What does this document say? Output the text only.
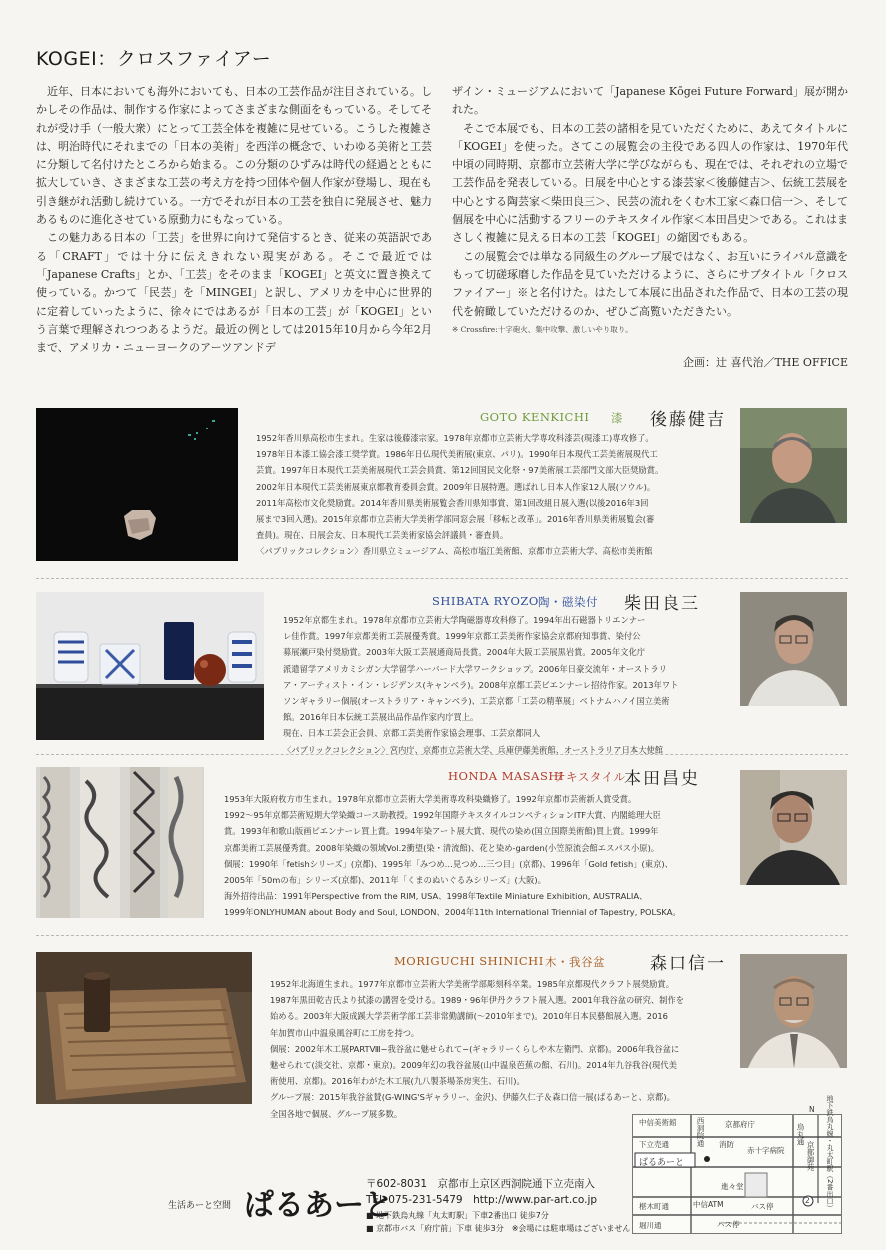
KOGEI：クロスファイアー

近年、日本においても海外においても、日本の工芸作品が注目されている。しかしその作品は、制作する作家によってさまざまな側面をもっている。そしてそれが受け手（一般大衆）にとって工芸全体を複雑に見せている。こうした複雑さは、明治時代にそれまでの「日本の美術」を西洋の概念で、いわゆる美術と工芸に分類して名付けたところから始まる。この分類のひずみは時代の経過とともに拡大していき、さまざまな工芸の考え方を持つ団体や個人作家が登場し、現在も引き継がれ活動し続けている。一方でそれが日本の工芸を独自に発展させ、魅力あるものに進化させている原動力にもなっている。

この魅力ある日本の「工芸」を世界に向けて発信するとき、従来の英語訳である「CRAFT」では十分に伝えきれない現実がある。そこで最近では「Japanese Crafts」とか、「工芸」をそのまま「KOGEI」と英文に置き換えて使っている。かつて「民芸」を「MINGEI」と訳し、アメリカを中心に世界的に定着していったように、徐々にではあるが「日本の工芸」が「KOGEI」という言葉で理解されつつあるようだ。最近の例としては2015年10月から今年2月まで、アメリカ・ニューヨークのアーツアンドデ

ザイン・ミュージアムにおいて「Japanese Kōgei Future Forward」展が開かれた。

そこで本展でも、日本の工芸の諸相を見ていただくために、あえてタイトルに「KOGEI」を使った。さてこの展覧会の主役である四人の作家は、1970年代中頃の同時期、京都市立芸術大学に学びながらも、現在では、それぞれの立場で工芸作品を発表している。日展を中心とする漆芸家＜後藤健吉＞、伝統工芸展を中心とする陶芸家＜柴田良三＞、民芸の流れをくむ木工家＜森口信一＞、そして個展を中心に活動するフリーのテキスタイル作家＜本田昌史＞である。これはまさしく複雑に見える日本の工芸「KOGEI」の縮図でもある。

この展覧会では単なる同級生のグループ展ではなく、お互いにライバル意識をもって切磋琢磨した作品を見ていただけるように、さらにサブタイトル「クロスファイアー」※と名付けた。はたして本展に出品された作品で、日本の工芸の現代を俯瞰していただけるのか、ぜひご高覧いただきたい。

※ Crossfire:十字砲火、集中攻撃、激しいやり取り。
企画：辻 喜代治／THE OFFICE
GOTO KENKICHI 漆 後藤健吉
1952年香川県高松市生まれ。生家は後藤漆宗家。1978年京都市立芸術大学専攻科漆芸(現漆工)専攻修了。
1978年日本漆工協会漆工奨学賞。1986年日仏現代美術展(東京、パリ)。1990年日本現代工芸美術展現代工
芸賞。1997年日本現代工芸美術展現代工芸会員賞、第12回国民文化祭・97美術展工芸部門文部大臣奨励賞。
2002年日本現代工芸美術展東京都教育委員会賞。2009年日展特選。選ばれし日本人作家12人展(ソウル)。
2011年高松市文化奨励賞。2014年香川県美術展覧会香川県知事賞、第1回改組日展入選(以後2016年3回
展まで3回入選)。2015年京都市立芸術大学美術学部同窓会展「移転と改革」。2016年香川県美術展覧会(審
査員)。現在、日展会友、日本現代工芸美術家協会評議員・審査員。
〈パブリックコレクション〉香川県立ミュージアム、高松市塩江美術館、京都市立芸術大学、高松市美術館
SHIBATA RYOZO 陶・磁染付 柴田良三
1952年京都生まれ。1978年京都市立芸術大学陶磁器専攻科修了。1994年出石磁器トリエンナー
レ佳作賞。1997年京都美術工芸展優秀賞。1999年京都工芸美術作家協会京都府知事賞、染付公
募展瀬戸染付奨励賞。2003年大阪工芸展通商局長賞。2004年大阪工芸展黒岩賞。2005年文化庁
派遣留学アメリカミシガン大学留学ハーバード大学ワークショップ。2006年日豪交流年・オーストラリ
ア・アーティスト・イン・レジデンス(キャンベラ)。2008年京都工芸ビエンナーレ招待作家。2013年ワト
ソンギャラリー個展(オーストラリア・キャンベラ)、工芸京都「工芸の精華展」ベトナムハノイ国立美術
館。2016年日本伝統工芸展出品作品作家内庁買上。
現在、日本工芸会正会員、京都工芸美術作家協会理事、工芸京都同人
〈パブリックコレクション〉宮内庁、京都市立芸術大学、兵庫伊藤美術館、オーストラリア日本大使館
HONDA MASASHI
テキスタイル
本田昌史
1953年大阪府枚方市生まれ。1978年京都市立芸術大学美術専攻科染織修了。1992年京都市芸術新人賞受賞。
1992〜95年京都芸術短期大学染織コース助教授。1992年国際テキスタイルコンペティションITF大賞、内閣総理大臣
賞。1993年和歌山版画ビエンナーレ買上賞。1994年染アート展大賞、現代の染め(国立国際美術館)買上賞。1999年
京都美術工芸展優秀賞。2008年染織の領域Vol.2衝望(染・清流館)、花と染め-garden(小笠原流会館エスパス小原)。
個展：1990年「fetishシリーズ」(京都)、1995年「みつめ…見つめ…三つ目」(京都)、1996年「Gold fetish」(東京)、
2005年「50mの布」シリーズ(京都)、2011年「くまのぬいぐるみシリーズ」(大阪)。
海外招待出品：1991年Perspective from the RIM, USA、1998年Textile Miniature Exhibition, AUSTRALIA、
1999年ONLYHUMAN about Body and Soul, LONDON、2004年11th International Triennial of Tapestry, POLSKA。
MORIGUCHI SHINICHI 木・我谷盆	森口信一
1952年北海道生まれ。1977年京都市立芸術大学美術学部彫刻科卒業。1985年京都現代クラフト展奨励賞。
1987年黒田乾吉氏より拭漆の講習を受ける。1989・96年伊丹クラフト展入選。2001年我谷盆の研究、制作を
始める。2003年大阪成蹊大学芸術学部工芸非常勤講師(〜2010年まで)。2010年日本民藝館展入選。2016
年加賀市山中温泉風谷町に工房を持つ。
個展：2002年木工展PARTⅧ−我谷盆に魅せられて−(ギャラリーくらしや木左衛門、京都)。2006年我谷盆に
魅せられて(淡交社、京都・東京)。2009年幻の我谷盆展(山中温泉芭蕉の館、石川)。2014年九谷我谷(現代美
術使用、京都)。2016年わがた木工展(九八製茶場茶房実生、石川)。
グループ展：2015年我谷盆賛(G-WING'Sギャラリー、金沢)、伊藤久仁子＆森口信一展(ぱるあーと、京都)。
全国各地で個展、グループ展多数。
中信美術館	京都府庁
下立売通
椹木町通
堀川通
ぱるあーと
消防
赤十字病院
進々堂
中信ATM	バス停
バス停
西洞院通	烏丸通
京都御苑 地下鉄烏丸線・丸太町駅（2番出口）
2
N
生活あーと空間 ぱるあーと
〒602-8031　京都市上京区西洞院通下立売南入
TEL 075-231-5479　http://www.par-art.co.jp
■ 地下鉄烏丸線「丸太町駅」下車2番出口 徒歩7分
■ 京都市バス「府庁前」下車 徒歩3分　※会場には駐車場はございません
